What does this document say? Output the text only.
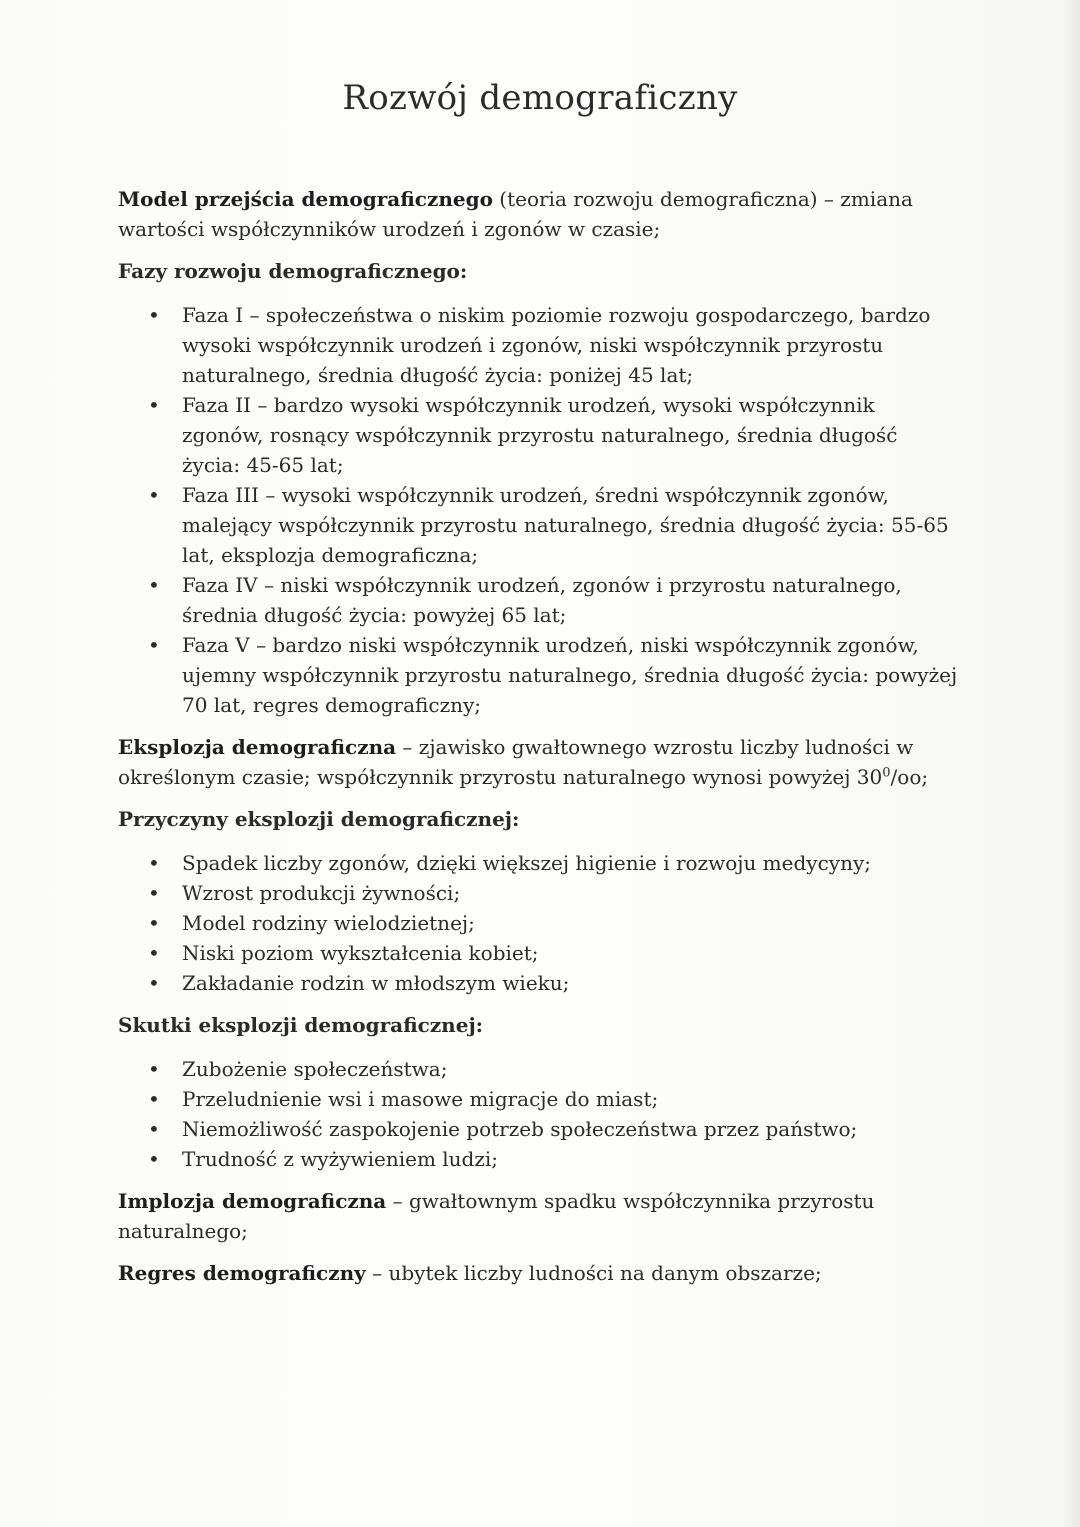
Rozwój demograficzny

Model przejścia demograficznego (teoria rozwoju demograficzna) – zmiana wartości współczynników urodzeń i zgonów w czasie;

Fazy rozwoju demograficznego:

• Faza I – społeczeństwa o niskim poziomie rozwoju gospodarczego, bardzo wysoki współczynnik urodzeń i zgonów, niski współczynnik przyrostu naturalnego, średnia długość życia: poniżej 45 lat;
• Faza II – bardzo wysoki współczynnik urodzeń, wysoki współczynnik zgonów, rosnący współczynnik przyrostu naturalnego, średnia długość życia: 45-65 lat;
• Faza III – wysoki współczynnik urodzeń, średni współczynnik zgonów, malejący współczynnik przyrostu naturalnego, średnia długość życia: 55-65 lat, eksplozja demograficzna;
• Faza IV – niski współczynnik urodzeń, zgonów i przyrostu naturalnego, średnia długość życia: powyżej 65 lat;
• Faza V – bardzo niski współczynnik urodzeń, niski współczynnik zgonów, ujemny współczynnik przyrostu naturalnego, średnia długość życia: powyżej 70 lat, regres demograficzny;

Eksplozja demograficzna – zjawisko gwałtownego wzrostu liczby ludności w określonym czasie; współczynnik przyrostu naturalnego wynosi powyżej $30^0/oo$;

Przyczyny eksplozji demograficznej:

• Spadek liczby zgonów, dzięki większej higienie i rozwoju medycyny;
• Wzrost produkcji żywności;
• Model rodziny wielodzietnej;
• Niski poziom wykształcenia kobiet;
• Zakładanie rodzin w młodszym wieku;

Skutki eksplozji demograficznej:

• Zubożenie społeczeństwa;
• Przeludnienie wsi i masowe migracje do miast;
• Niemożliwość zaspokojenie potrzeb społeczeństwa przez państwo;
• Trudność z wyżywieniem ludzi;

Implozja demograficzna – gwałtownym spadku współczynnika przyrostu naturalnego;

Regres demograficzny – ubytek liczby ludności na danym obszarze;
